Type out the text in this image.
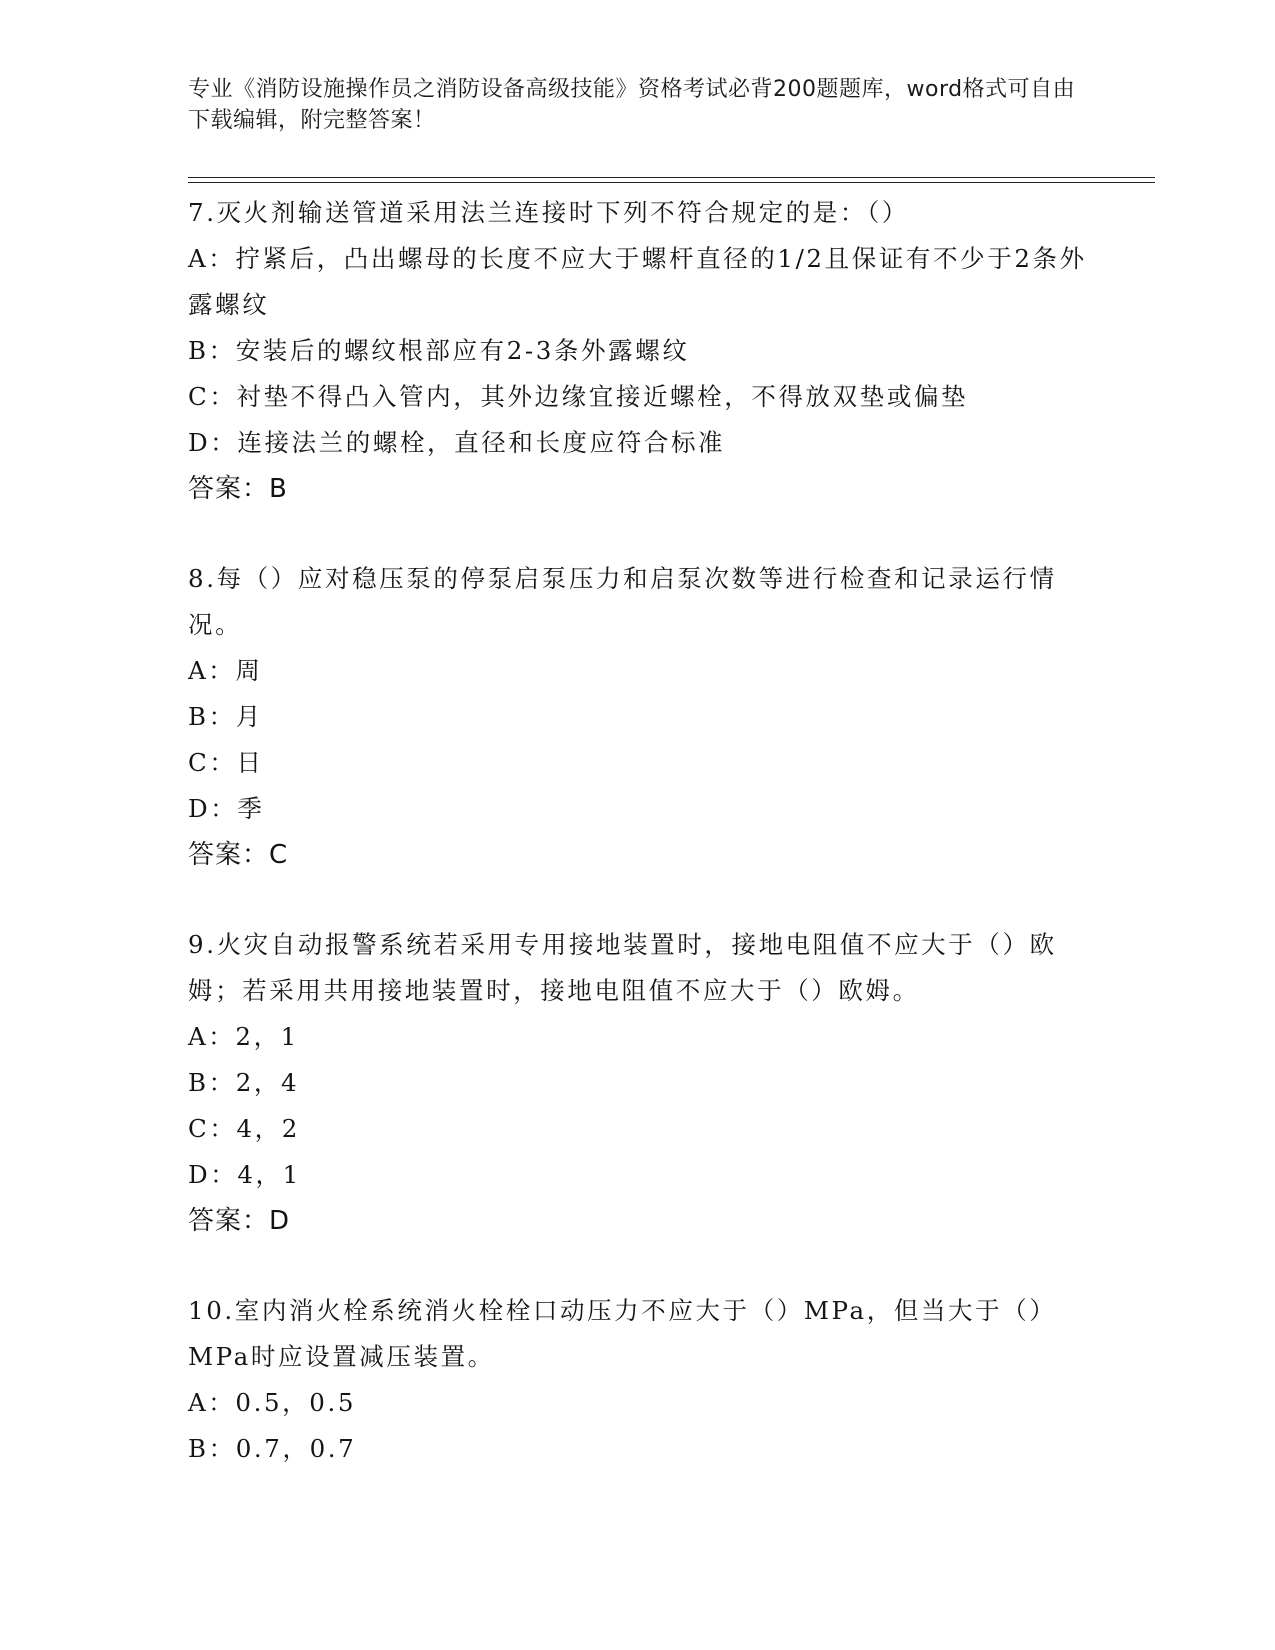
专业《消防设施操作员之消防设备高级技能》资格考试必背200题题库，word格式可自由下载编辑，附完整答案！
7.灭火剂输送管道采用法兰连接时下列不符合规定的是：（）
A：拧紧后，凸出螺母的长度不应大于螺杆直径的1/2且保证有不少于2条外露螺纹
B：安装后的螺纹根部应有2-3条外露螺纹
C：衬垫不得凸入管内，其外边缘宜接近螺栓，不得放双垫或偏垫
D：连接法兰的螺栓，直径和长度应符合标准
答案：B
8.每（）应对稳压泵的停泵启泵压力和启泵次数等进行检查和记录运行情况。
A：周
B：月
C：日
D：季
答案：C
9.火灾自动报警系统若采用专用接地装置时，接地电阻值不应大于（）欧姆；若采用共用接地装置时，接地电阻值不应大于（）欧姆。
A：2，1
B：2，4
C：4，2
D：4，1
答案：D
10.室内消火栓系统消火栓栓口动压力不应大于（）MPa，但当大于（）MPa时应设置减压装置。
A：0.5，0.5
B：0.7，0.7
